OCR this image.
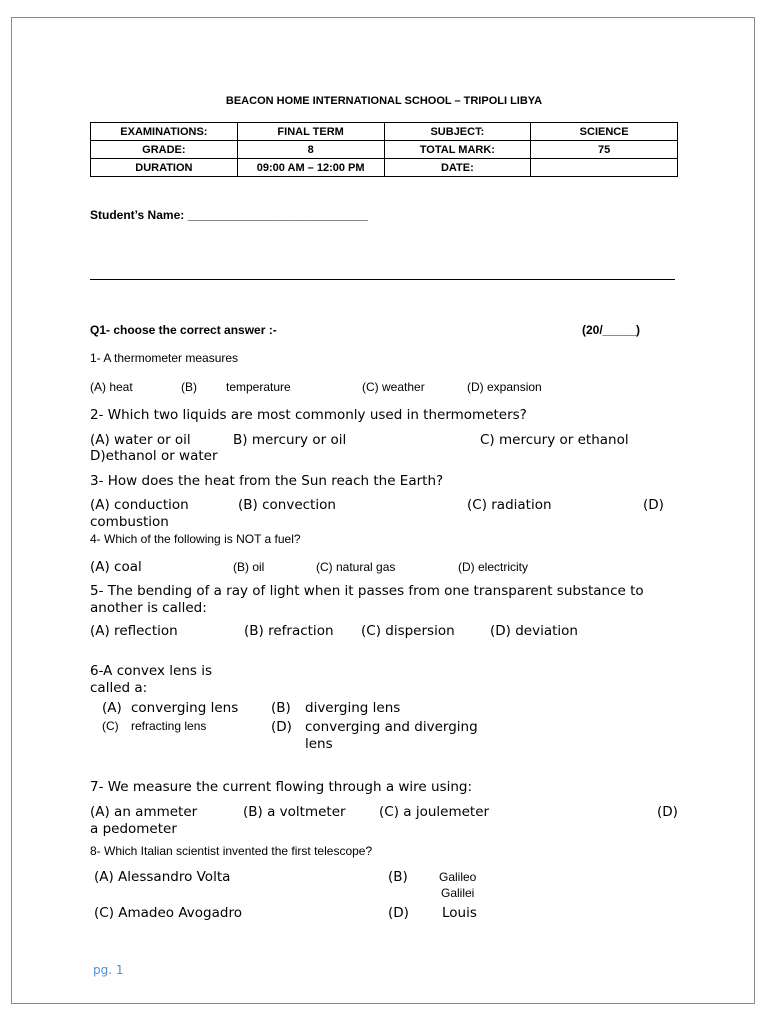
BEACON HOME INTERNATIONAL SCHOOL – TRIPOLI LIBYA
EXAMINATIONS:	FINAL TERM	SUBJECT:	SCIENCE
GRADE:	8	TOTAL MARK:	75
DURATION	09:00 AM – 12:00 PM	DATE:	
Student’s Name: ___________________________
Q1- choose the correct answer :-	(20/_____)
1- A thermometer measures
(A) heat	(B) temperature	(C) weather	(D) expansion
2- Which two liquids are most commonly used in thermometers?
(A) water or oil	B) mercury or oil	C) mercury or ethanol
D)ethanol or water
3- How does the heat from the Sun reach the Earth?
(A) conduction	(B) convection	(C) radiation	(D)
combustion
4- Which of the following is NOT a fuel?
(A) coal	(B) oil	(C) natural gas	(D) electricity
5- The bending of a ray of light when it passes from one transparent substance to
another is called:
(A) reflection	(B) refraction (C) dispersion	(D) deviation
6-A convex lens is
called a:
(A) converging lens (B) diverging lens
(C) refracting lens	(D) converging and diverging
lens
7- We measure the current flowing through a wire using:
(A) an ammeter	(B) a voltmeter (C) a joulemeter	(D)
a pedometer
8- Which Italian scientist invented the first telescope?
(A) Alessandro Volta	(B)	Galileo
Galilei
(C) Amadeo Avogadro	(D) Louis
pg. 1
